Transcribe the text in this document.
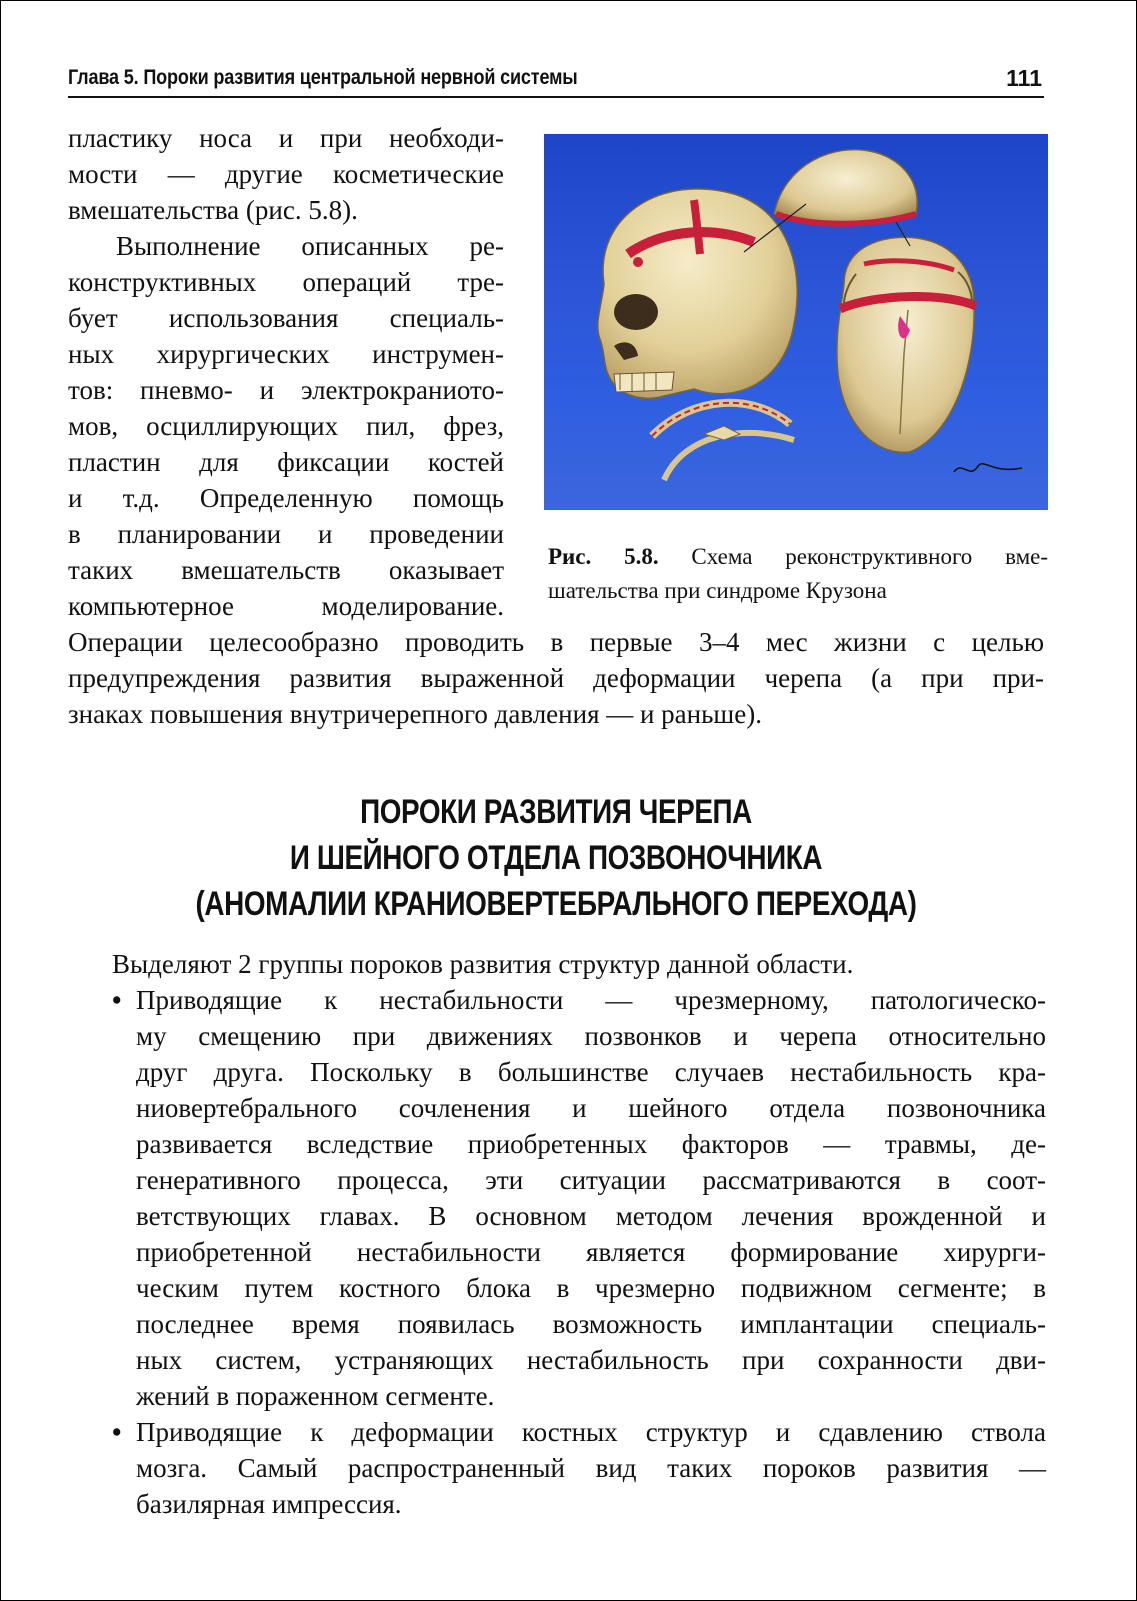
Глава 5. Пороки развития центральной нервной системы	111
пластику носа и при необходи-
мости — другие косметические
вмешательства (рис. 5.8).
Выполнение описанных ре-
конструктивных операций тре-
бует использования специаль-
ных хирургических инструмен-
тов: пневмо- и электрокраниото-
мов, осциллирующих пил, фрез,
пластин для фиксации костей
и т.д. Определенную помощь
в планировании и проведении
таких вмешательств оказывает
компьютерное моделирование.
Рис. 5.8. Схема реконструктивного вме-
шательства при синдроме Крузона
Операции целесообразно проводить в первые 3–4 мес жизни с целью
предупреждения развития выраженной деформации черепа (а при при-
знаках повышения внутричерепного давления — и раньше).
ПОРОКИ РАЗВИТИЯ ЧЕРЕПА
И ШЕЙНОГО ОТДЕЛА ПОЗВОНОЧНИКА
(АНОМАЛИИ КРАНИОВЕРТЕБРАЛЬНОГО ПЕРЕХОДА)
Выделяют 2 группы пороков развития структур данной области.
• Приводящие к нестабильности — чрезмерному, патологическо-
му смещению при движениях позвонков и черепа относительно
друг друга. Поскольку в большинстве случаев нестабильность кра-
ниовертебрального сочленения и шейного отдела позвоночника
развивается вследствие приобретенных факторов — травмы, де-
генеративного процесса, эти ситуации рассматриваются в соот-
ветствующих главах. В основном методом лечения врожденной и
приобретенной нестабильности является формирование хирурги-
ческим путем костного блока в чрезмерно подвижном сегменте; в
последнее время появилась возможность имплантации специаль-
ных систем, устраняющих нестабильность при сохранности дви-
жений в пораженном сегменте.
• Приводящие к деформации костных структур и сдавлению ствола
мозга. Самый распространенный вид таких пороков развития —
базилярная импрессия.
